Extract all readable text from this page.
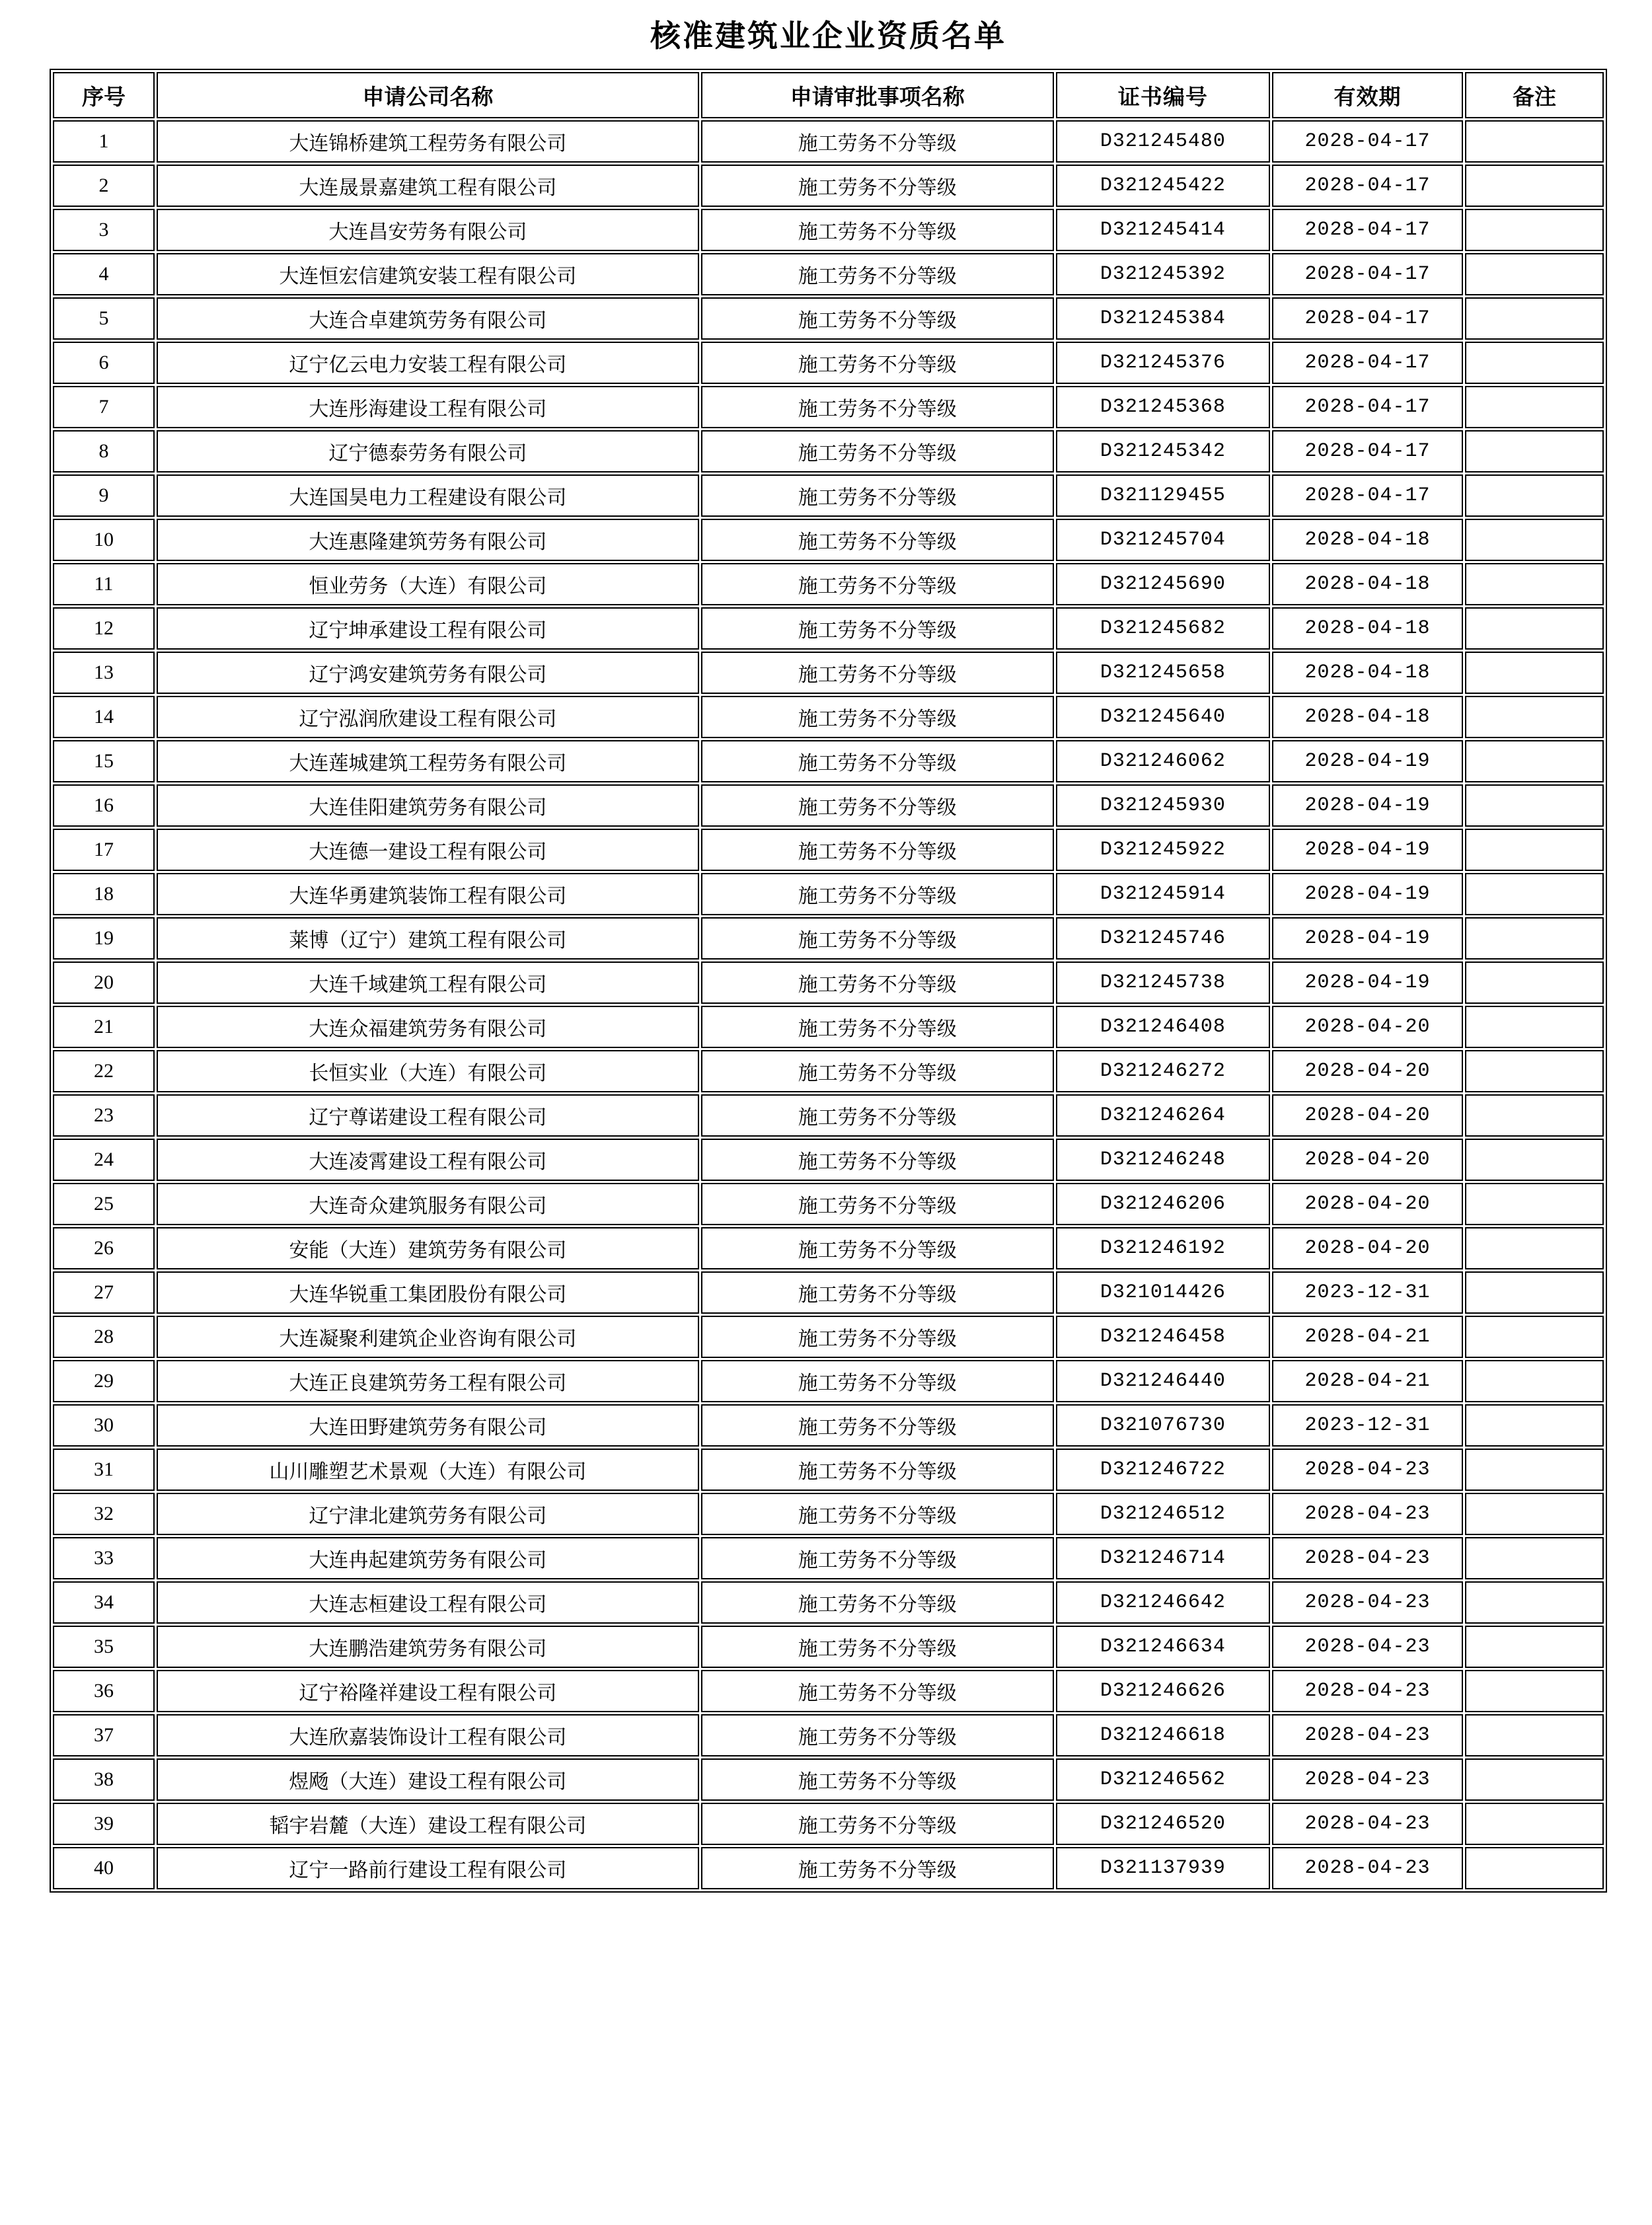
核准建筑业企业资质名单
序号	申请公司名称	申请审批事项名称	证书编号	有效期	备注
1	大连锦桥建筑工程劳务有限公司	施工劳务不分等级	D321245480	2028-04-17	
2	大连晟景嘉建筑工程有限公司	施工劳务不分等级	D321245422	2028-04-17	
3	大连昌安劳务有限公司	施工劳务不分等级	D321245414	2028-04-17	
4	大连恒宏信建筑安装工程有限公司	施工劳务不分等级	D321245392	2028-04-17	
5	大连合卓建筑劳务有限公司	施工劳务不分等级	D321245384	2028-04-17	
6	辽宁亿云电力安装工程有限公司	施工劳务不分等级	D321245376	2028-04-17	
7	大连彤海建设工程有限公司	施工劳务不分等级	D321245368	2028-04-17	
8	辽宁德泰劳务有限公司	施工劳务不分等级	D321245342	2028-04-17	
9	大连国昊电力工程建设有限公司	施工劳务不分等级	D321129455	2028-04-17	
10	大连惠隆建筑劳务有限公司	施工劳务不分等级	D321245704	2028-04-18	
11	恒业劳务（大连）有限公司	施工劳务不分等级	D321245690	2028-04-18	
12	辽宁坤承建设工程有限公司	施工劳务不分等级	D321245682	2028-04-18	
13	辽宁鸿安建筑劳务有限公司	施工劳务不分等级	D321245658	2028-04-18	
14	辽宁泓润欣建设工程有限公司	施工劳务不分等级	D321245640	2028-04-18	
15	大连莲城建筑工程劳务有限公司	施工劳务不分等级	D321246062	2028-04-19	
16	大连佳阳建筑劳务有限公司	施工劳务不分等级	D321245930	2028-04-19	
17	大连德一建设工程有限公司	施工劳务不分等级	D321245922	2028-04-19	
18	大连华勇建筑装饰工程有限公司	施工劳务不分等级	D321245914	2028-04-19	
19	莱博（辽宁）建筑工程有限公司	施工劳务不分等级	D321245746	2028-04-19	
20	大连千域建筑工程有限公司	施工劳务不分等级	D321245738	2028-04-19	
21	大连众福建筑劳务有限公司	施工劳务不分等级	D321246408	2028-04-20	
22	长恒实业（大连）有限公司	施工劳务不分等级	D321246272	2028-04-20	
23	辽宁尊诺建设工程有限公司	施工劳务不分等级	D321246264	2028-04-20	
24	大连凌霄建设工程有限公司	施工劳务不分等级	D321246248	2028-04-20	
25	大连奇众建筑服务有限公司	施工劳务不分等级	D321246206	2028-04-20	
26	安能（大连）建筑劳务有限公司	施工劳务不分等级	D321246192	2028-04-20	
27	大连华锐重工集团股份有限公司	施工劳务不分等级	D321014426	2023-12-31	
28	大连凝聚利建筑企业咨询有限公司	施工劳务不分等级	D321246458	2028-04-21	
29	大连正良建筑劳务工程有限公司	施工劳务不分等级	D321246440	2028-04-21	
30	大连田野建筑劳务有限公司	施工劳务不分等级	D321076730	2023-12-31	
31	山川雕塑艺术景观（大连）有限公司	施工劳务不分等级	D321246722	2028-04-23	
32	辽宁津北建筑劳务有限公司	施工劳务不分等级	D321246512	2028-04-23	
33	大连冉起建筑劳务有限公司	施工劳务不分等级	D321246714	2028-04-23	
34	大连志桓建设工程有限公司	施工劳务不分等级	D321246642	2028-04-23	
35	大连鹏浩建筑劳务有限公司	施工劳务不分等级	D321246634	2028-04-23	
36	辽宁裕隆祥建设工程有限公司	施工劳务不分等级	D321246626	2028-04-23	
37	大连欣嘉装饰设计工程有限公司	施工劳务不分等级	D321246618	2028-04-23	
38	煜飏（大连）建设工程有限公司	施工劳务不分等级	D321246562	2028-04-23	
39	韬宇岩麓（大连）建设工程有限公司	施工劳务不分等级	D321246520	2028-04-23	
40	辽宁一路前行建设工程有限公司	施工劳务不分等级	D321137939	2028-04-23	
